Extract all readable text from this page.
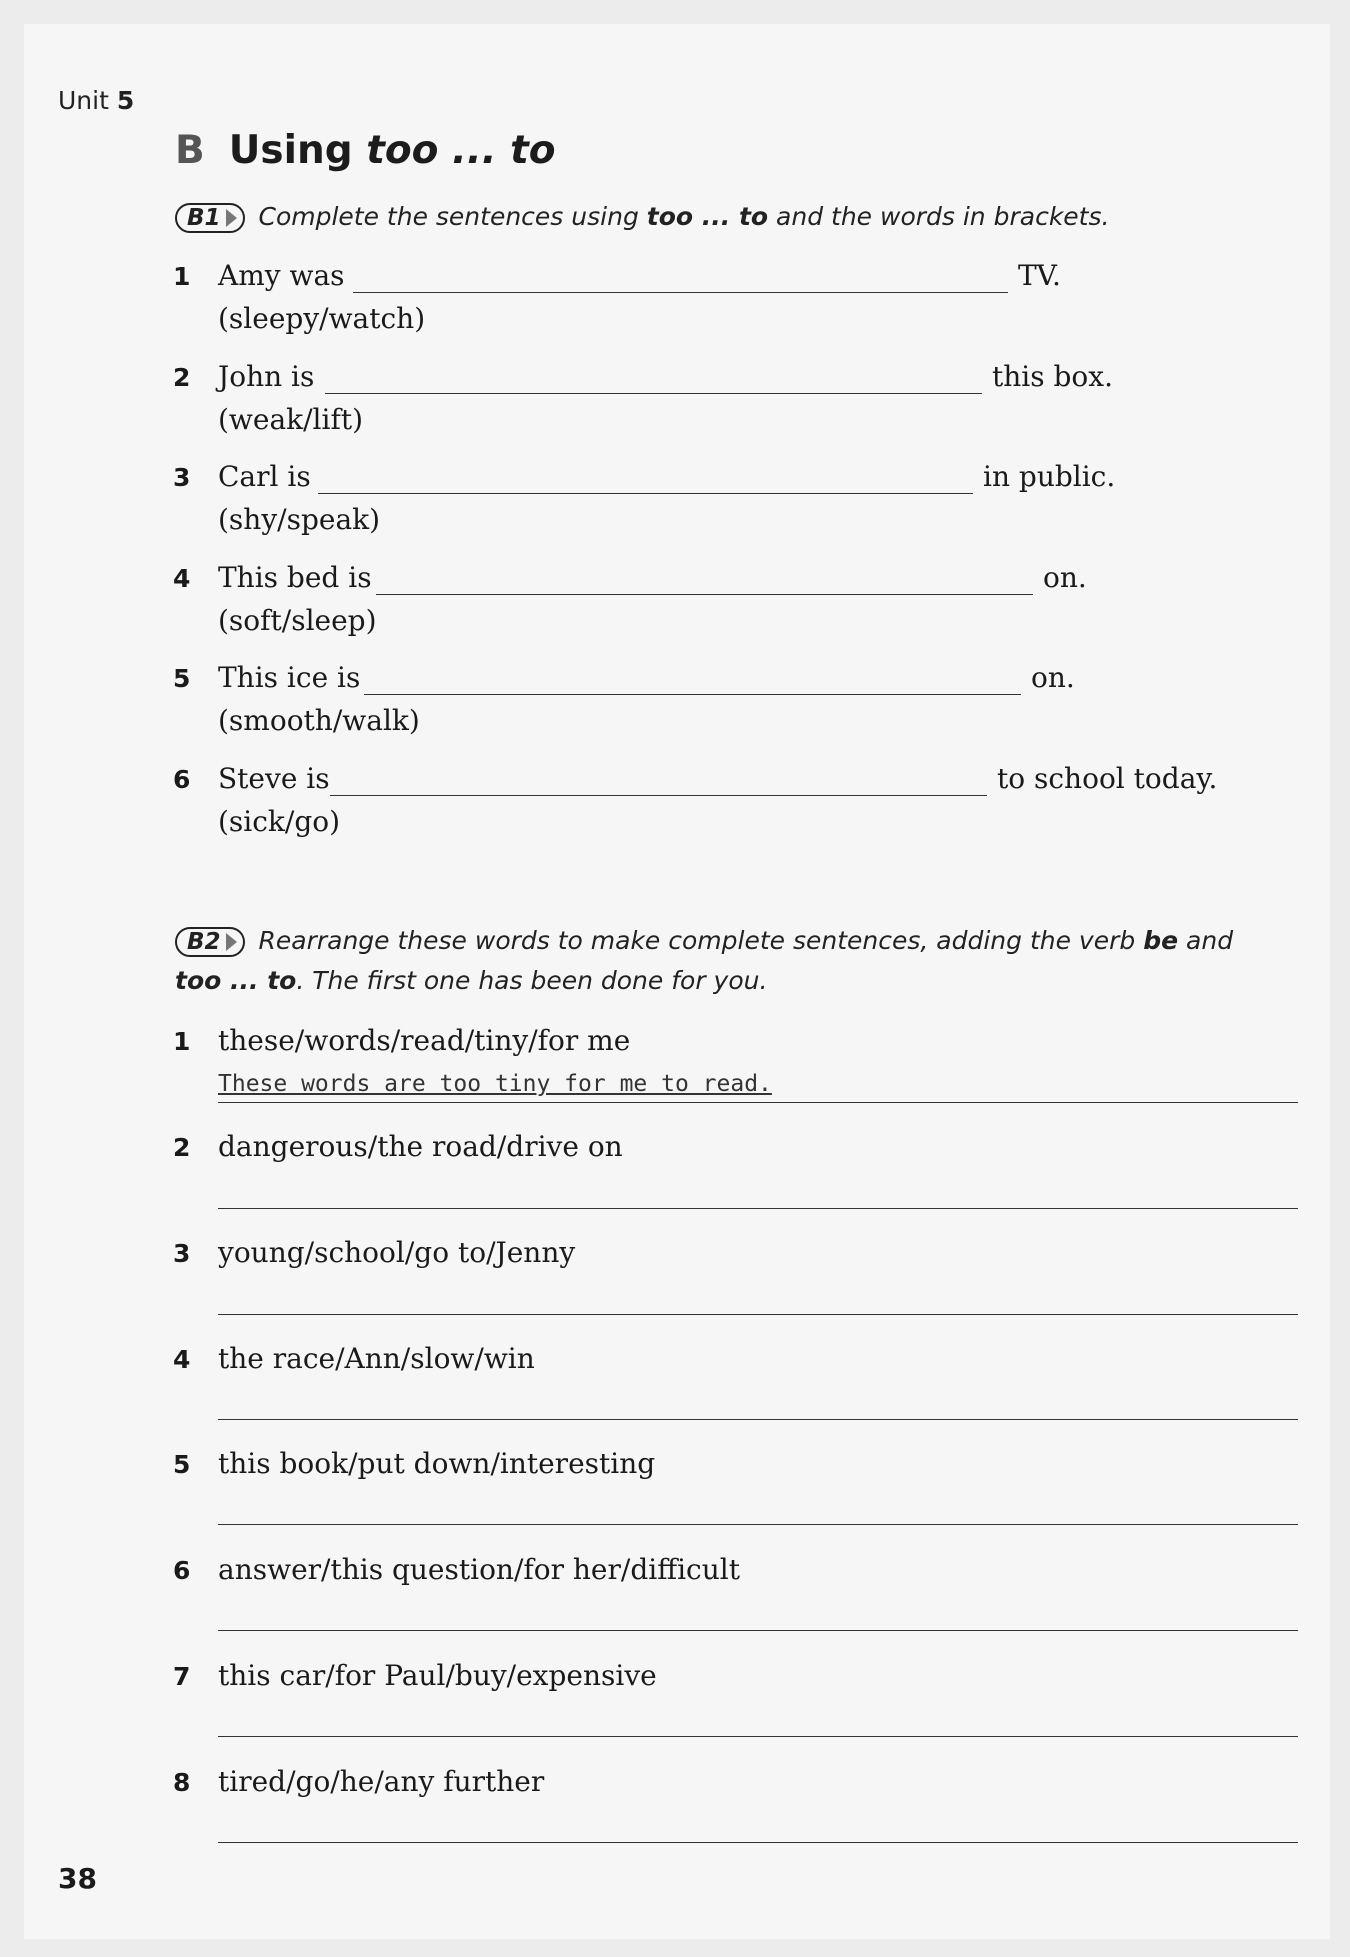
Unit 5
B Using too ... to
B1 Complete the sentences using too ... to and the words in brackets.
1 Amy was	TV.
(sleepy/watch)
2 John is	this box.
(weak/lift)
3 Carl is	in public.
(shy/speak)
4 This bed is	on.
(soft/sleep)
5 This ice is	on.
(smooth/walk)
6 Steve is	to school today.
(sick/go)
B2 Rearrange these words to make complete sentences, adding the verb be and
too ... to. The first one has been done for you.
1 these/words/read/tiny/for me
These words are too tiny for me to read.
2 dangerous/the road/drive on
3 young/school/go to/Jenny
4 the race/Ann/slow/win
5 this book/put down/interesting
6 answer/this question/for her/difficult
7 this car/for Paul/buy/expensive
8 tired/go/he/any further
38
